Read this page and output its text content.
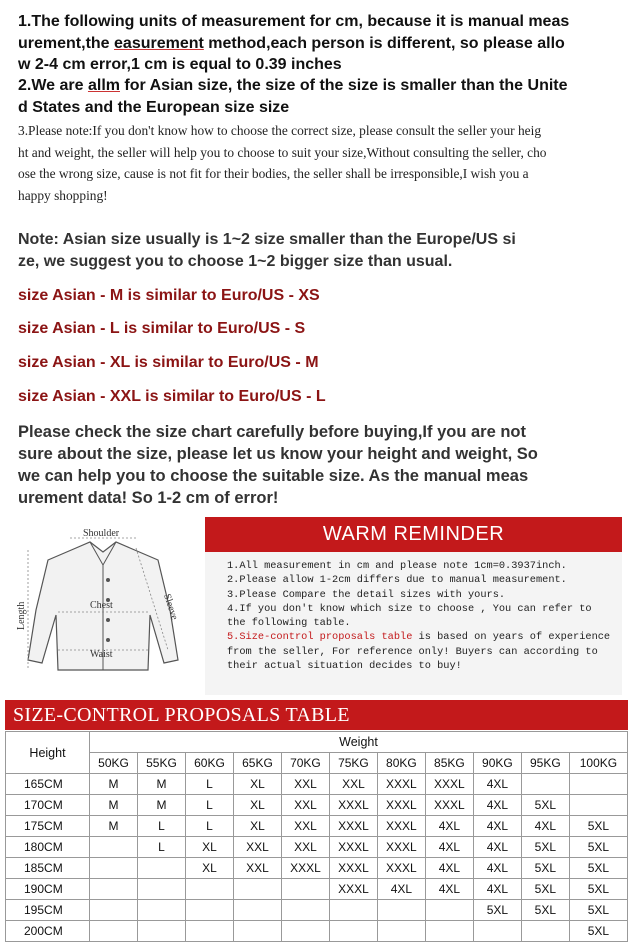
1.The following units of measurement for cm, because it is manual meas
urement,the easurement method,each person is different, so please allo
w 2-4 cm error,1 cm is equal to 0.39 inches
2.We are allm for Asian size, the size of the size is smaller than the Unite
d States and the European size size
3.Please note:If you don't know how to choose the correct size, please consult the seller your heig
ht and weight, the seller will help you to choose to suit your size,Without consulting the seller, cho
ose the wrong size, cause is not fit for their bodies, the seller shall be irresponsible,I wish you a
happy shopping!
Note: Asian size usually is 1~2 size smaller than the Europe/US si
ze, we suggest you to choose 1~2 bigger size than usual.
size Asian - M is similar to Euro/US - XS
size Asian - L is similar to Euro/US - S
size Asian - XL is similar to Euro/US - M
size Asian - XXL is similar to Euro/US - L
Please check the size chart carefully before buying,If you are not
sure about the size, please let us know your height and weight, So
we can help you to choose the suitable size. As the manual meas
urement data! So 1-2 cm of error!
Shoulder
Chest
Waist
Length	Sleeve
WARM REMINDER
1.All measurement in cm and please note 1cm=0.3937inch.
2.Please allow 1-2cm differs due to manual measurement.
3.Please Compare the detail sizes with yours.
4.If you don't know which size to choose , You can refer to
the following table.
5.Size-control proposals table is based on years of experience
from the seller, For reference only! Buyers can according to
their actual situation decides to buy!
SIZE-CONTROL PROPOSALS TABLE
Height	Weight										
	50KG	55KG	60KG	65KG	70KG	75KG	80KG	85KG	90KG	95KG	100KG
165CM	M	M	L	XL	XXL	XXL	XXXL	XXXL	4XL		
170CM	M	M	L	XL	XXL	XXXL	XXXL	XXXL	4XL	5XL	
175CM	M	L	L	XL	XXL	XXXL	XXXL	4XL	4XL	4XL	5XL
180CM		L	XL	XXL	XXL	XXXL	XXXL	4XL	4XL	5XL	5XL
185CM			XL	XXL	XXXL	XXXL	XXXL	4XL	4XL	5XL	5XL
190CM						XXXL	4XL	4XL	4XL	5XL	5XL
195CM									5XL	5XL	5XL
200CM											5XL
